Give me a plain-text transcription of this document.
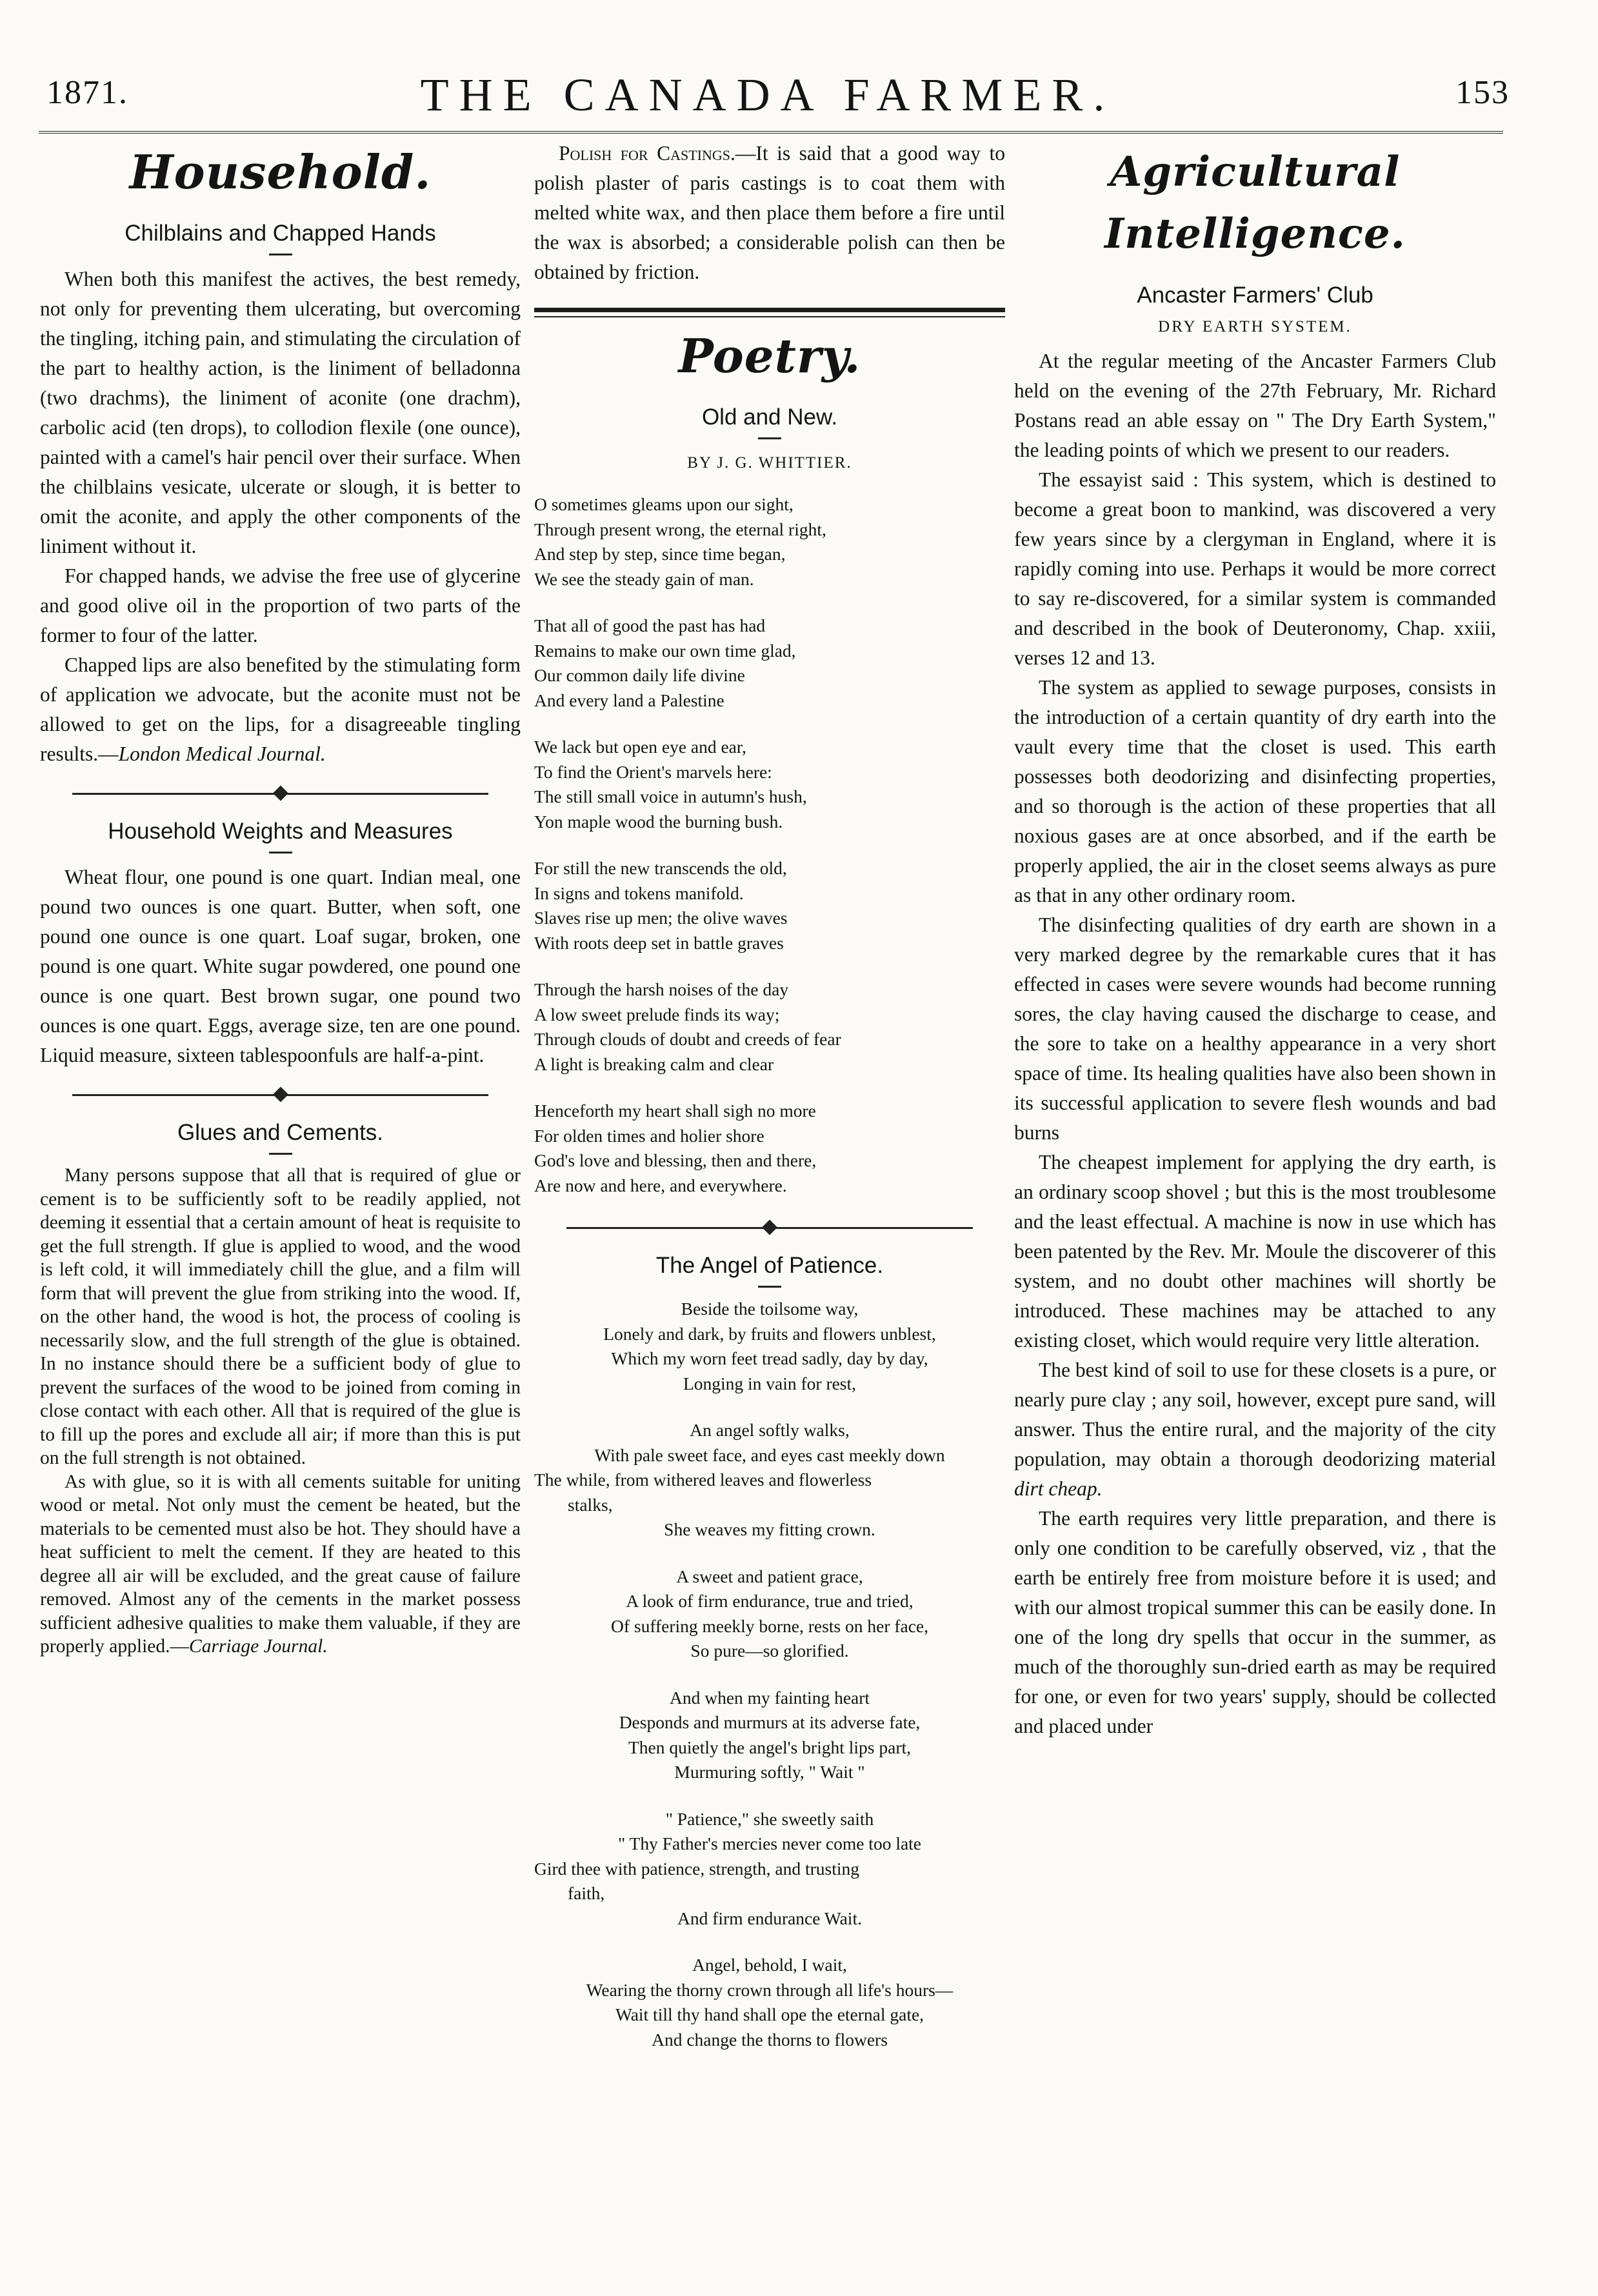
1871.	THE CANADA FARMER.	153
Household.
Chilblains and Chapped Hands

When both this manifest the actives, the best remedy, not only for preventing them ulcerating, but overcoming the tingling, itching pain, and stimulating the circulation of the part to healthy action, is the liniment of belladonna (two drachms), the liniment of aconite (one drachm), carbolic acid (ten drops), to collodion flexile (one ounce), painted with a camel's hair pencil over their surface. When the chilblains vesicate, ulcerate or slough, it is better to omit the aconite, and apply the other components of the liniment without it.

For chapped hands, we advise the free use of glycerine and good olive oil in the proportion of two parts of the former to four of the latter.

Chapped lips are also benefited by the stimulating form of application we advocate, but the aconite must not be allowed to get on the lips, for a disagreeable tingling results.—London Medical Journal.

Household Weights and Measures

Wheat flour, one pound is one quart. Indian meal, one pound two ounces is one quart. Butter, when soft, one pound one ounce is one quart. Loaf sugar, broken, one pound is one quart. White sugar powdered, one pound one ounce is one quart. Best brown sugar, one pound two ounces is one quart. Eggs, average size, ten are one pound. Liquid measure, sixteen tablespoonfuls are half-a-pint.

Glues and Cements.

Many persons suppose that all that is required of glue or cement is to be sufficiently soft to be readily applied, not deeming it essential that a certain amount of heat is requisite to get the full strength. If glue is applied to wood, and the wood is left cold, it will immediately chill the glue, and a film will form that will prevent the glue from striking into the wood. If, on the other hand, the wood is hot, the process of cooling is necessarily slow, and the full strength of the glue is obtained. In no instance should there be a sufficient body of glue to prevent the surfaces of the wood to be joined from coming in close contact with each other. All that is required of the glue is to fill up the pores and exclude all air; if more than this is put on the full strength is not obtained.

As with glue, so it is with all cements suitable for uniting wood or metal. Not only must the cement be heated, but the materials to be cemented must also be hot. They should have a heat sufficient to melt the cement. If they are heated to this degree all air will be excluded, and the great cause of failure removed. Almost any of the cements in the market possess sufficient adhesive qualities to make them valuable, if they are properly applied.—Carriage Journal.

Polish for Castings.—It is said that a good way to polish plaster of paris castings is to coat them with melted white wax, and then place them before a fire until the wax is absorbed; a considerable polish can then be obtained by friction.

Poetry.
Old and New.
BY J. G. WHITTIER.
O sometimes gleams upon our sight,
Through present wrong, the eternal right,
And step by step, since time began,
We see the steady gain of man.
That all of good the past has had
Remains to make our own time glad,
Our common daily life divine
And every land a Palestine
We lack but open eye and ear,
To find the Orient's marvels here:
The still small voice in autumn's hush,
Yon maple wood the burning bush.
For still the new transcends the old,
In signs and tokens manifold.
Slaves rise up men; the olive waves
With roots deep set in battle graves
Through the harsh noises of the day
A low sweet prelude finds its way;
Through clouds of doubt and creeds of fear
A light is breaking calm and clear
Henceforth my heart shall sigh no more
For olden times and holier shore
God's love and blessing, then and there,
Are now and here, and everywhere.
The Angel of Patience.
Beside the toilsome way,
Lonely and dark, by fruits and flowers unblest,
Which my worn feet tread sadly, day by day,
Longing in vain for rest,
An angel softly walks,
With pale sweet face, and eyes cast meekly down
The while, from withered leaves and flowerless
stalks,
She weaves my fitting crown.
A sweet and patient grace,
A look of firm endurance, true and tried,
Of suffering meekly borne, rests on her face,
So pure—so glorified.
And when my fainting heart
Desponds and murmurs at its adverse fate,
Then quietly the angel's bright lips part,
Murmuring softly, " Wait "
" Patience," she sweetly saith
" Thy Father's mercies never come too late
Gird thee with patience, strength, and trusting
faith,
And firm endurance Wait.
Angel, behold, I wait,
Wearing the thorny crown through all life's hours—
Wait till thy hand shall ope the eternal gate,
And change the thorns to flowers
Agricultural Intelligence.
Ancaster Farmers' Club
DRY EARTH SYSTEM.

At the regular meeting of the Ancaster Farmers Club held on the evening of the 27th February, Mr. Richard Postans read an able essay on " The Dry Earth System," the leading points of which we present to our readers.

The essayist said : This system, which is destined to become a great boon to mankind, was discovered a very few years since by a clergyman in England, where it is rapidly coming into use. Perhaps it would be more correct to say re-discovered, for a similar system is commanded and described in the book of Deuteronomy, Chap. xxiii, verses 12 and 13.

The system as applied to sewage purposes, consists in the introduction of a certain quantity of dry earth into the vault every time that the closet is used. This earth possesses both deodorizing and disinfecting properties, and so thorough is the action of these properties that all noxious gases are at once absorbed, and if the earth be properly applied, the air in the closet seems always as pure as that in any other ordinary room.

The disinfecting qualities of dry earth are shown in a very marked degree by the remarkable cures that it has effected in cases were severe wounds had become running sores, the clay having caused the discharge to cease, and the sore to take on a healthy appearance in a very short space of time. Its healing qualities have also been shown in its successful application to severe flesh wounds and bad burns

The cheapest implement for applying the dry earth, is an ordinary scoop shovel ; but this is the most troublesome and the least effectual. A machine is now in use which has been patented by the Rev. Mr. Moule the discoverer of this system, and no doubt other machines will shortly be introduced. These machines may be attached to any existing closet, which would require very little alteration.

The best kind of soil to use for these closets is a pure, or nearly pure clay ; any soil, however, except pure sand, will answer. Thus the entire rural, and the majority of the city population, may obtain a thorough deodorizing material dirt cheap.

The earth requires very little preparation, and there is only one condition to be carefully observed, viz , that the earth be entirely free from moisture before it is used; and with our almost tropical summer this can be easily done. In one of the long dry spells that occur in the summer, as much of the thoroughly sun-dried earth as may be required for one, or even for two years' supply, should be collected and placed under
